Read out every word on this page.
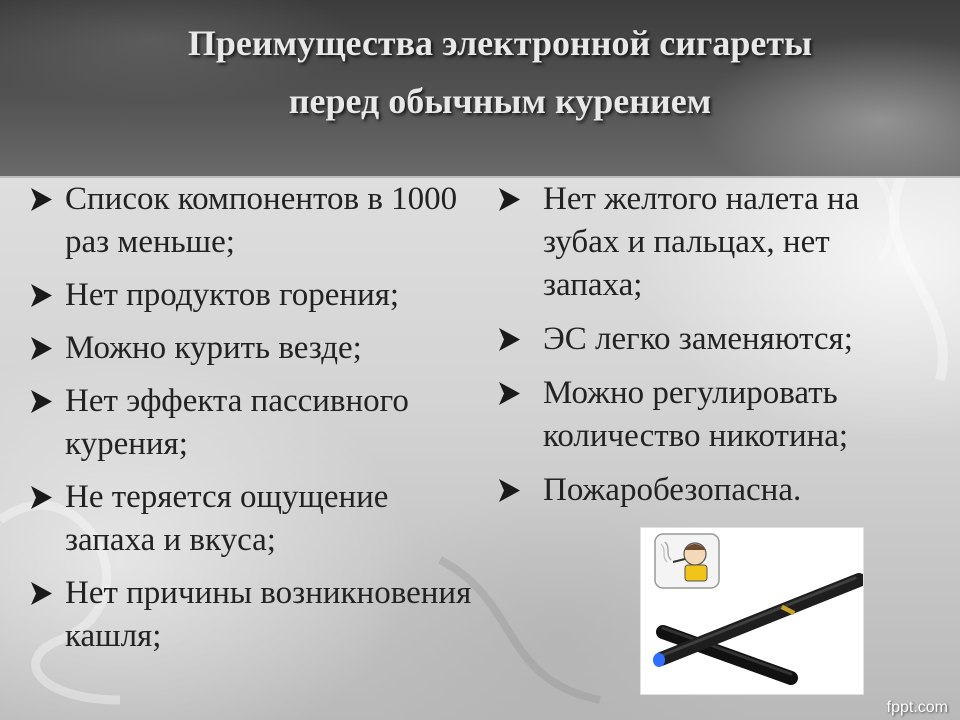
Преимущества электронной сигареты
перед обычным курением
Список компонентов в 1000 раз меньше;
Нет продуктов горения;
Можно курить везде;
Нет эффекта пассивного курения;
Не теряется ощущение запаха и вкуса;
Нет причины возникновения кашля;
Нет желтого налета на зубах и пальцах, нет запаха;
ЭС легко заменяются;
Можно регулировать количество никотина;
Пожаробезопасна.
fppt.com
